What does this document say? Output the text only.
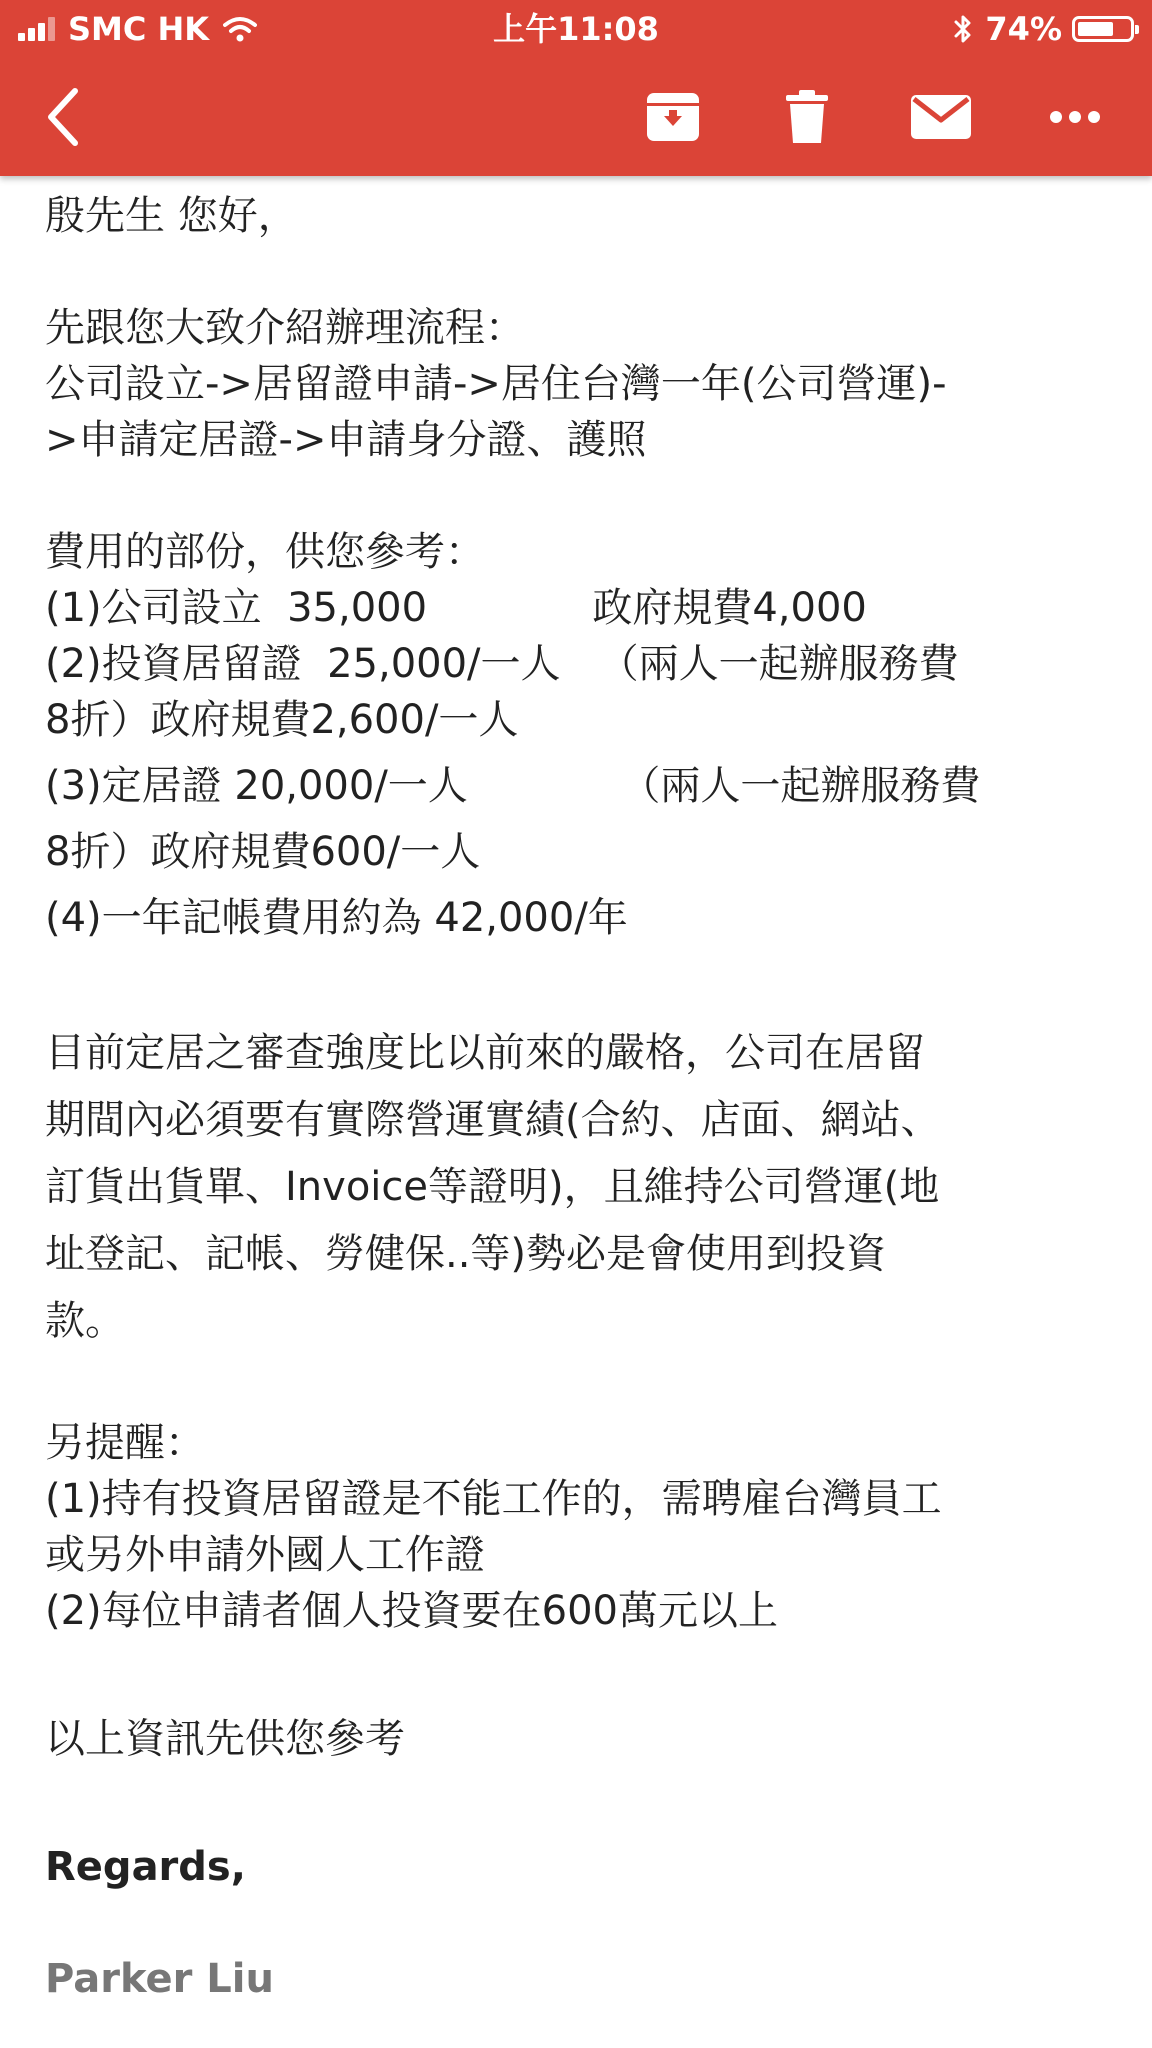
SMC HK	上午11:08	74%

殷先生 您好，

先跟您大致介紹辦理流程：

公司設立->居留證申請->居住台灣一年(公司營運)-

>申請定居證->申請身分證、護照

費用的部份，供您參考：

(1)公司設立  35,000             政府規費4,000

(2)投資居留證  25,000/一人   （兩人一起辦服務費

8折）政府規費2,600/一人

(3)定居證 20,000/一人            （兩人一起辦服務費

8折）政府規費600/一人

(4)一年記帳費用約為 42,000/年

目前定居之審查強度比以前來的嚴格，公司在居留

期間內必須要有實際營運實績(合約、店面、網站、

訂貨出貨單、Invoice等證明)，且維持公司營運(地

址登記、記帳、勞健保..等)勢必是會使用到投資

款。

另提醒：

(1)持有投資居留證是不能工作的，需聘雇台灣員工

或另外申請外國人工作證

(2)每位申請者個人投資要在600萬元以上

以上資訊先供您參考

Regards,

Parker Liu
